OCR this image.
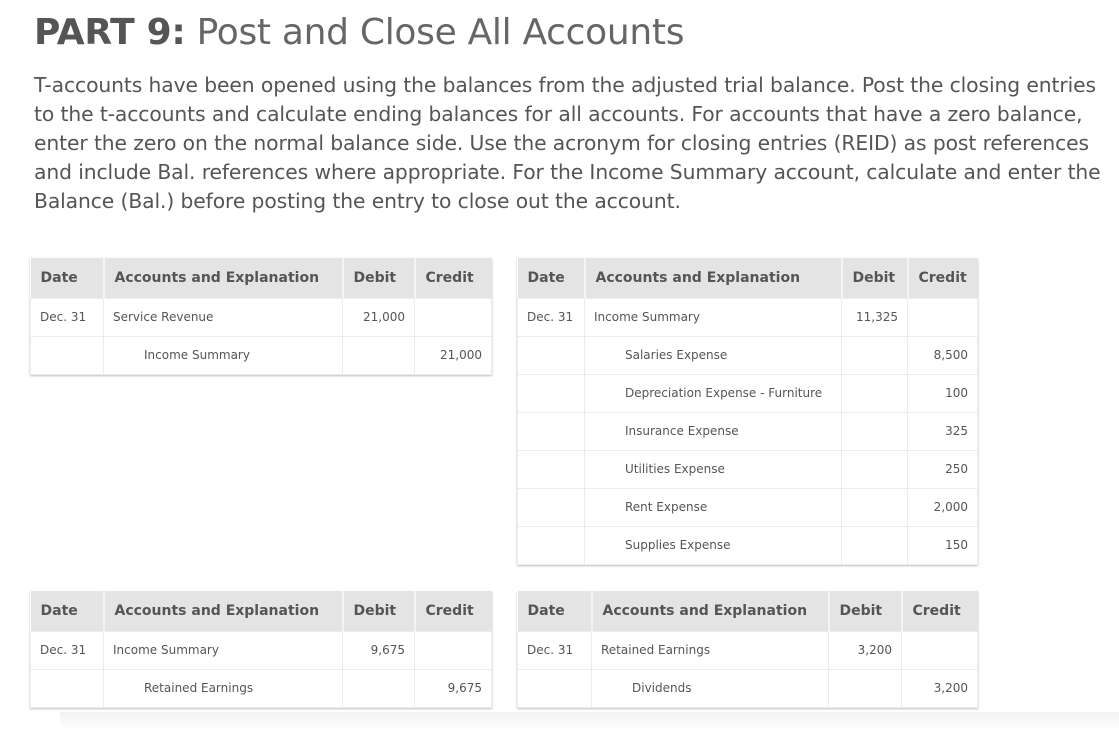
PART 9: Post and Close All Accounts

T-accounts have been opened using the balances from the adjusted trial balance. Post the closing entries to the t-accounts and calculate ending balances for all accounts. For accounts that have a zero balance, enter the zero on the normal balance side. Use the acronym for closing entries (REID) as post references and include Bal. references where appropriate. For the Income Summary account, calculate and enter the Balance (Bal.) before posting the entry to close out the account.

Date	Accounts and Explanation	Debit	Credit
Dec. 31	Service Revenue	21,000	
	Income Summary		21,000
Date	Accounts and Explanation	Debit	Credit
Dec. 31	Income Summary	11,325	
	Salaries Expense		8,500
	Depreciation Expense - Furniture		100
	Insurance Expense		325
	Utilities Expense		250
	Rent Expense		2,000
	Supplies Expense		150
Date	Accounts and Explanation	Debit	Credit
Dec. 31	Income Summary	9,675	
	Retained Earnings		9,675
Date	Accounts and Explanation	Debit	Credit
Dec. 31	Retained Earnings	3,200	
	Dividends		3,200
